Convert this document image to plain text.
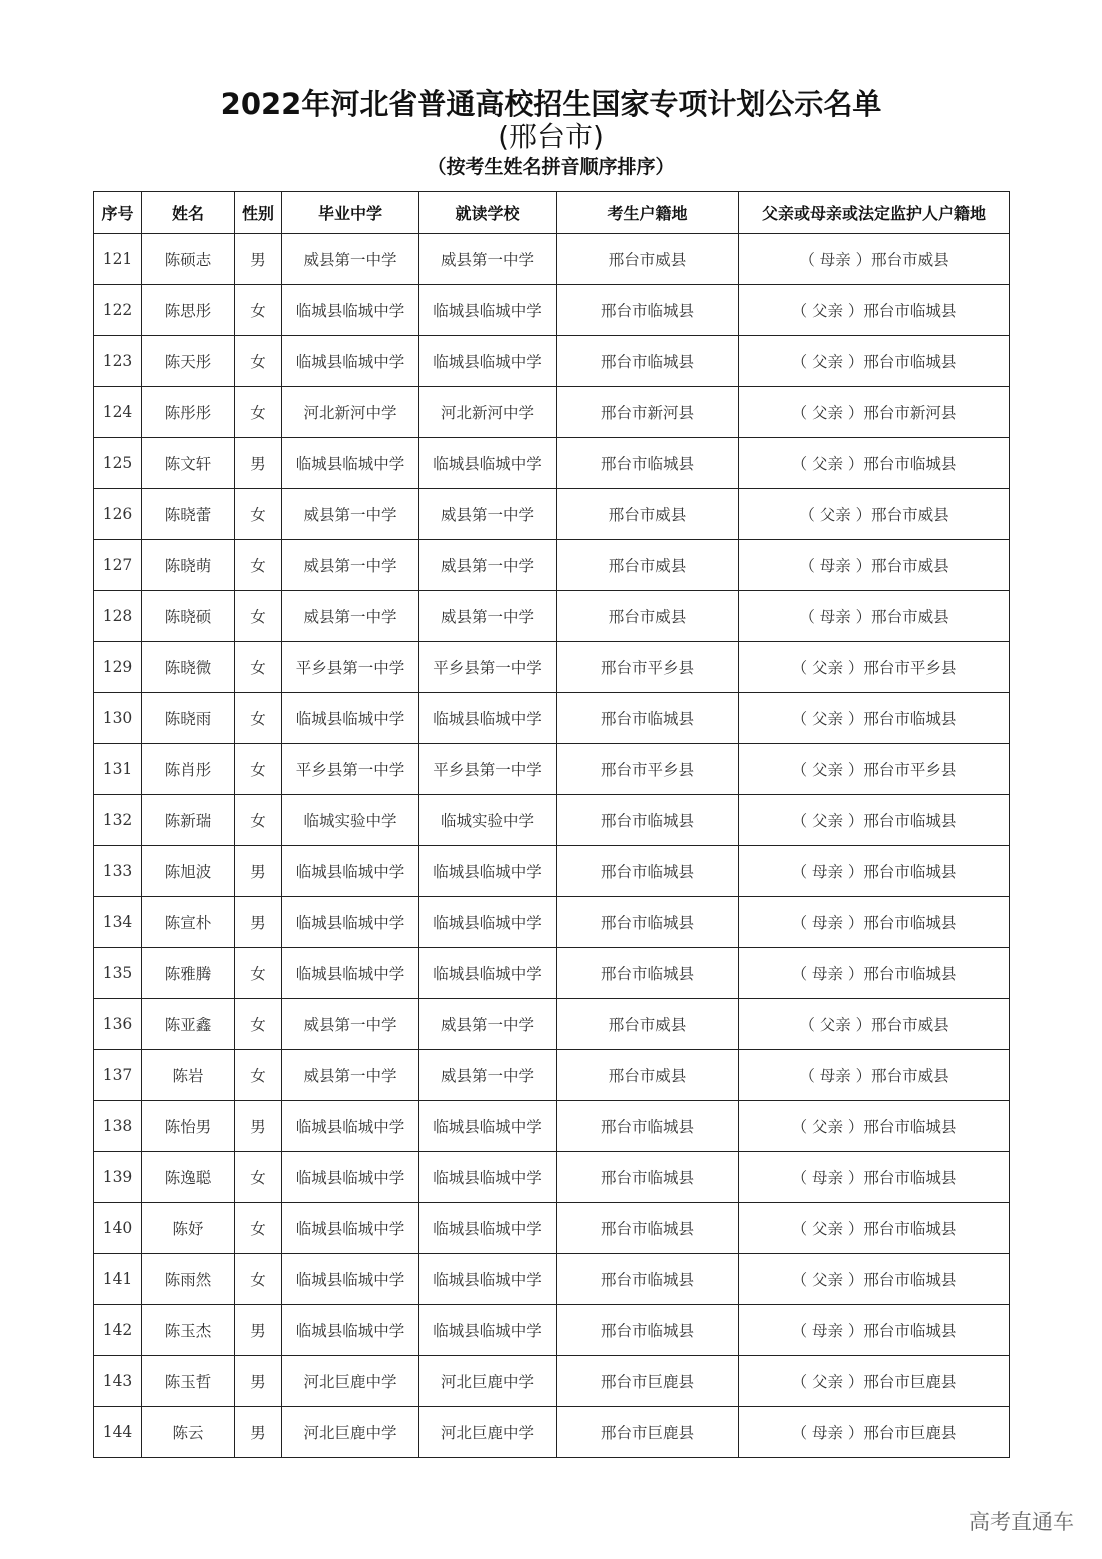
2022年河北省普通高校招生国家专项计划公示名单
(邢台市)
（按考生姓名拼音顺序排序）
序号	姓名	性别	毕业中学	就读学校	考生户籍地	父亲或母亲或法定监护人户籍地
121	陈硕志	男	威县第一中学	威县第一中学	邢台市威县	（ 母亲 ）邢台市威县
122	陈思彤	女	临城县临城中学	临城县临城中学	邢台市临城县	（ 父亲 ）邢台市临城县
123	陈天彤	女	临城县临城中学	临城县临城中学	邢台市临城县	（ 父亲 ）邢台市临城县
124	陈彤彤	女	河北新河中学	河北新河中学	邢台市新河县	（ 父亲 ）邢台市新河县
125	陈文轩	男	临城县临城中学	临城县临城中学	邢台市临城县	（ 父亲 ）邢台市临城县
126	陈晓蕾	女	威县第一中学	威县第一中学	邢台市威县	（ 父亲 ）邢台市威县
127	陈晓萌	女	威县第一中学	威县第一中学	邢台市威县	（ 母亲 ）邢台市威县
128	陈晓硕	女	威县第一中学	威县第一中学	邢台市威县	（ 母亲 ）邢台市威县
129	陈晓微	女	平乡县第一中学	平乡县第一中学	邢台市平乡县	（ 父亲 ）邢台市平乡县
130	陈晓雨	女	临城县临城中学	临城县临城中学	邢台市临城县	（ 父亲 ）邢台市临城县
131	陈肖彤	女	平乡县第一中学	平乡县第一中学	邢台市平乡县	（ 父亲 ）邢台市平乡县
132	陈新瑞	女	临城实验中学	临城实验中学	邢台市临城县	（ 父亲 ）邢台市临城县
133	陈旭波	男	临城县临城中学	临城县临城中学	邢台市临城县	（ 母亲 ）邢台市临城县
134	陈宣朴	男	临城县临城中学	临城县临城中学	邢台市临城县	（ 母亲 ）邢台市临城县
135	陈雅腾	女	临城县临城中学	临城县临城中学	邢台市临城县	（ 母亲 ）邢台市临城县
136	陈亚鑫	女	威县第一中学	威县第一中学	邢台市威县	（ 父亲 ）邢台市威县
137	陈岩	女	威县第一中学	威县第一中学	邢台市威县	（ 母亲 ）邢台市威县
138	陈怡男	男	临城县临城中学	临城县临城中学	邢台市临城县	（ 父亲 ）邢台市临城县
139	陈逸聪	女	临城县临城中学	临城县临城中学	邢台市临城县	（ 母亲 ）邢台市临城县
140	陈妤	女	临城县临城中学	临城县临城中学	邢台市临城县	（ 父亲 ）邢台市临城县
141	陈雨然	女	临城县临城中学	临城县临城中学	邢台市临城县	（ 父亲 ）邢台市临城县
142	陈玉杰	男	临城县临城中学	临城县临城中学	邢台市临城县	（ 母亲 ）邢台市临城县
143	陈玉哲	男	河北巨鹿中学	河北巨鹿中学	邢台市巨鹿县	（ 父亲 ）邢台市巨鹿县
144	陈云	男	河北巨鹿中学	河北巨鹿中学	邢台市巨鹿县	（ 母亲 ）邢台市巨鹿县
高考直通车
